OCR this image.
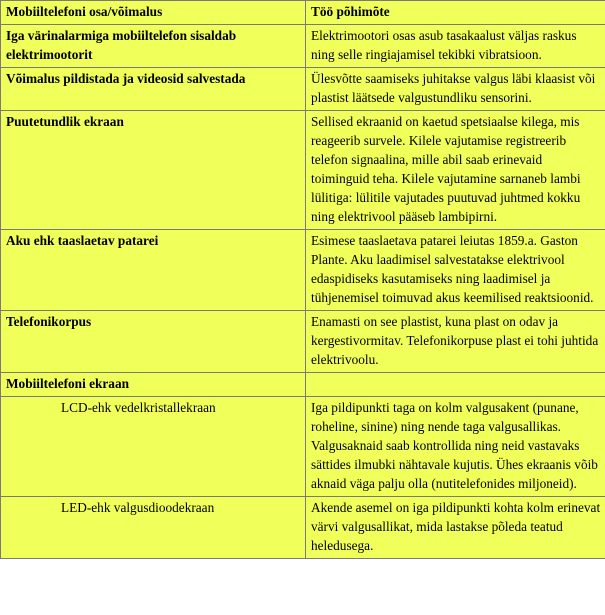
Mobiiltelefoni osa/võimalus	Töö põhimõte
Iga värinalarmiga mobiiltelefon sisaldab elektrimootorit	Elektrimootori osas asub tasakaalust väljas raskus ning selle ringiajamisel tekibki vibratsioon.
Võimalus pildistada ja videosid salvestada	Ülesvõtte saamiseks juhitakse valgus läbi klaasist või plastist läätsede valgustundliku sensorini.
Puutetundlik ekraan	Sellised ekraanid on kaetud spetsiaalse kilega, mis reageerib survele. Kilele vajutamise registreerib telefon signaalina, mille abil saab erinevaid toiminguid teha. Kilele vajutamine sarnaneb lambi lülitiga: lülitile vajutades puutuvad juhtmed kokku ning elektrivool pääseb lambipirni.
Aku ehk taaslaetav patarei	Esimese taaslaetava patarei leiutas 1859.a. Gaston Plante. Aku laadimisel salvestatakse elektrivool edaspidiseks kasutamiseks ning laadimisel ja tühjenemisel toimuvad akus keemilised reaktsioonid.
Telefonikorpus	Enamasti on see plastist, kuna plast on odav ja kergestivormitav. Telefonikorpuse plast ei tohi juhtida elektrivoolu.
Mobiiltelefoni ekraan	
LCD-ehk vedelkristallekraan	Iga pildipunkti taga on kolm valgusakent (punane, roheline, sinine) ning nende taga valgusallikas. Valgusaknaid saab kontrollida ning neid vastavaks sättides ilmubki nähtavale kujutis. Ühes ekraanis võib aknaid väga palju olla (nutitelefonides miljoneid).
LED-ehk valgusdioodekraan	Akende asemel on iga pildipunkti kohta kolm erinevat värvi valgusallikat, mida lastakse põleda teatud heledusega.
